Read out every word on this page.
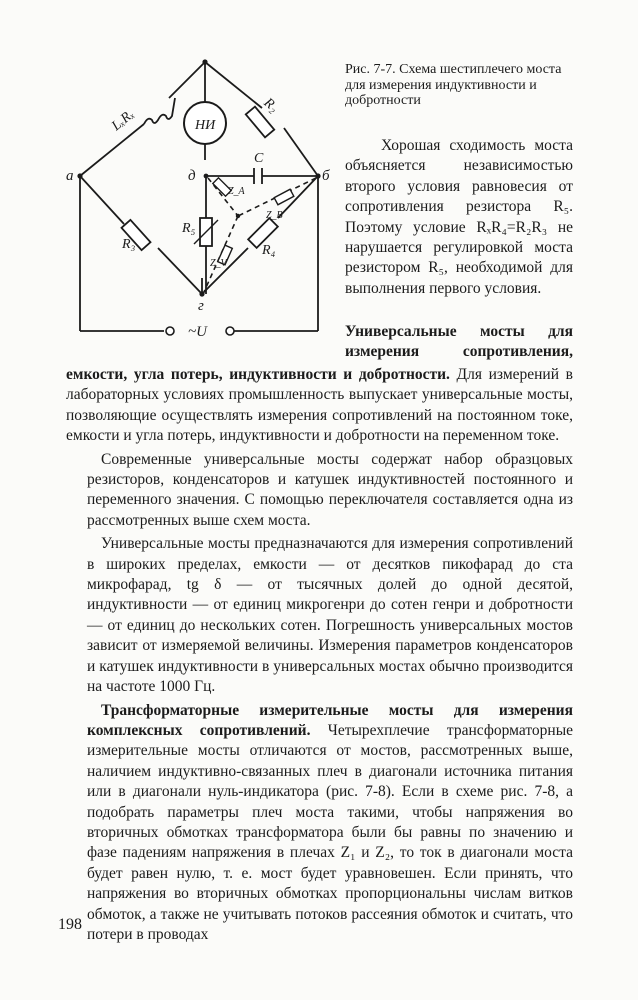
НИ
LₓRₓ
R₂
R₃	R₄
R₅
C
Z_A
Z_B
Z_V
а	б
д
г
~U
Рис. 7-7. Схема шестиплечего моста для измерения индуктивности и добротности
Хорошая сходимость моста объясняется независимостью второго условия равновесия от сопротивления резистора R₅. Поэтому условие RₓR₄=R₂R₃ не нарушается регулировкой моста резистором R₅, необходимой для выполнения первого условия.
Универсальные мосты для измерения сопротивления,

емкости, угла потерь, индуктивности и добротности. Для измерений в лабораторных условиях промышленность выпускает универсальные мосты, позволяющие осуществлять измерения сопротивлений на постоянном токе, емкости и угла потерь, индуктивности и добротности на переменном токе.

Современные универсальные мосты содержат набор образцовых резисторов, конденсаторов и катушек индуктивностей постоянного и переменного значения. С помощью переключателя составляется одна из рассмотренных выше схем моста.

Универсальные мосты предназначаются для измерения сопротивлений в широких пределах, емкости — от десятков пикофарад до ста микрофарад, tg δ — от тысячных долей до одной десятой, индуктивности — от единиц микрогенри до сотен генри и добротности — от единиц до нескольких сотен. Погрешность универсальных мостов зависит от измеряемой величины. Измерения параметров конденсаторов и катушек индуктивности в универсальных мостах обычно производится на частоте 1000 Гц.

Трансформаторные измерительные мосты для измерения комплексных сопротивлений. Четырехплечие трансформаторные измерительные мосты отличаются от мостов, рассмотренных выше, наличием индуктивно-связанных плеч в диагонали источника питания или в диагонали нуль-индикатора (рис. 7-8). Если в схеме рис. 7-8, а подобрать параметры плеч моста такими, чтобы напряжения во вторичных обмотках трансформатора были бы равны по значению и фазе падениям напряжения в плечах Z₁ и Z₂, то ток в диагонали моста будет равен нулю, т. е. мост будет уравновешен. Если принять, что напряжения во вторичных обмотках пропорциональны числам витков обмоток, а также не учитывать потоков рассеяния обмоток и считать, что потери в проводах

198
